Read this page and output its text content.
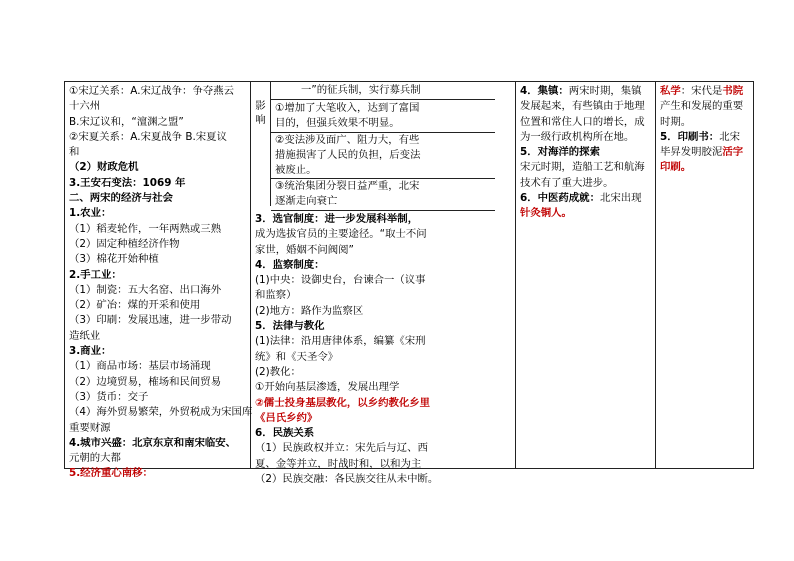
①宋辽关系：A.宋辽战争：争夺燕云
十六州
B.宋辽议和，“澶渊之盟”
②宋夏关系：A.宋夏战争 B.宋夏议
和
（2）财政危机
3.王安石变法：1069 年
二、两宋的经济与社会
1.农业：
（1）稻麦轮作，一年两熟或三熟
（2）固定种植经济作物
（3）棉花开始种植
2.手工业：
（1）制瓷：五大名窑、出口海外
（2）矿冶：煤的开采和使用
（3）印刷：发展迅速，进一步带动
造纸业
3.商业：
（1）商品市场：基层市场涌现
（2）边境贸易，榷场和民间贸易
（3）货币：交子
（4）海外贸易繁荣，外贸税成为宋国库
重要财源
4.城市兴盛：北京东京和南宋临安、
元朝的大都
5.经济重心南移：
影响
一”的征兵制，实行募兵制
①增加了大笔收入，达到了富国
目的，但强兵效果不明显。
②变法涉及面广、阻力大，有些
措施损害了人民的负担，后变法
被废止。
③统治集团分裂日益严重，北宋
逐渐走向衰亡
3．选官制度：进一步发展科举制，
成为选拔官员的主要途径。“取士不问
家世，婚姻不问阀阅”
4．监察制度：
(1)中央：设御史台，台谏合一（议事
和监察）
(2)地方：路作为监察区
5．法律与教化
(1)法律：沿用唐律体系，编纂《宋刑
统》和《天圣令》
(2)教化：
①开始向基层渗透，发展出理学
②儒士投身基层教化，以乡约教化乡里
《吕氏乡约》
6．民族关系
（1）民族政权并立：宋先后与辽、西
夏、金等并立，时战时和，以和为主
（2）民族交融：各民族交往从未中断。
4．集镇：两宋时期，集镇发展起来，有些镇由于地理位置和常住人口的增长，成为一级行政机构所在地。
5．对海洋的探索
宋元时期，造船工艺和航海技术有了重大进步。
6．中医药成就：北宋出现针灸铜人。
私学：宋代是书院产生和发展的重要时期。
5．印刷书：北宋毕昇发明胶泥活字印刷。
